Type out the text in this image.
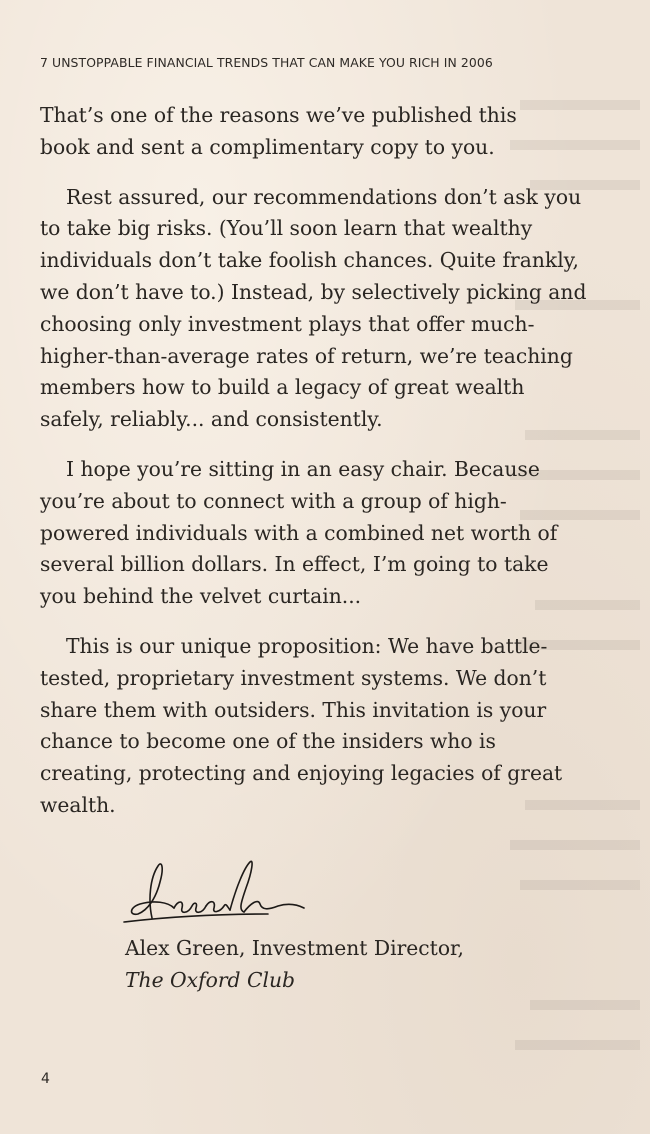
7 UNSTOPPABLE FINANCIAL TRENDS THAT CAN MAKE YOU RICH IN 2006

That’s one of the reasons we’ve published this
book and sent a complimentary copy to you.

Rest assured, our recommendations don’t ask you
to take big risks. (You’ll soon learn that wealthy
individuals don’t take foolish chances. Quite frankly,
we don’t have to.) Instead, by selectively picking and
choosing only investment plays that offer much-
higher-than-average rates of return, we’re teaching
members how to build a legacy of great wealth
safely, reliably... and consistently.

I hope you’re sitting in an easy chair. Because
you’re about to connect with a group of high-
powered individuals with a combined net worth of
several billion dollars. In effect, I’m going to take
you behind the velvet curtain...

This is our unique proposition: We have battle-
tested, proprietary investment systems. We don’t
share them with outsiders. This invitation is your
chance to become one of the insiders who is
creating, protecting and enjoying legacies of great
wealth.

Alex Green, Investment Director,
The Oxford Club
4
